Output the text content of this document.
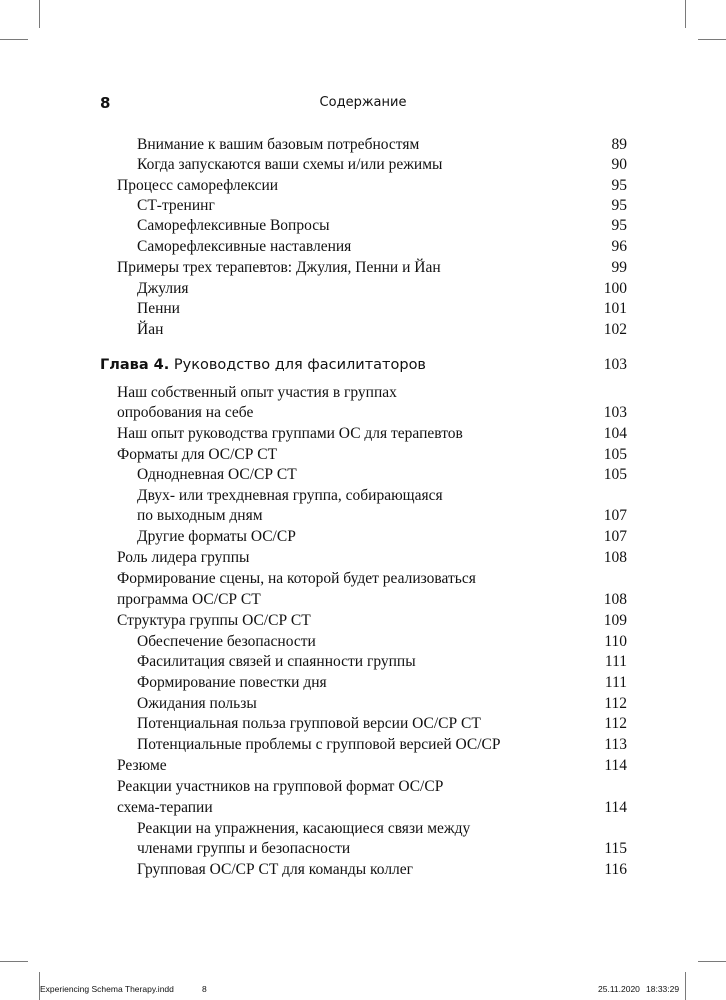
8	Содержание
Внимание к вашим базовым потребностям	89
Когда запускаются ваши схемы и/или режимы	90
Процесс саморефлексии	95
СТ-тренинг	95
Саморефлексивные Вопросы	95
Саморефлексивные наставления	96
Примеры трех терапевтов: Джулия, Пенни и Йан	99
Джулия	100
Пенни	101
Йан	102
Глава 4. Руководство для фасилитаторов	103
Наш собственный опыт участия в группах
опробования на себе	103
Наш опыт руководства группами ОС для терапевтов	104
Форматы для ОС/СР СТ	105
Однодневная ОС/СР СТ	105
Двух- или трехдневная группа, собирающаяся
по выходным дням	107
Другие форматы ОС/СР	107
Роль лидера группы	108
Формирование сцены, на которой будет реализоваться
программа ОС/СР СТ	108
Структура группы ОС/СР СТ	109
Обеспечение безопасности	110
Фасилитация связей и спаянности группы	111
Формирование повестки дня	111
Ожидания пользы	112
Потенциальная польза групповой версии ОС/СР СТ	112
Потенциальные проблемы с групповой версией ОС/СР	113
Резюме	114
Реакции участников на групповой формат ОС/СР
схема-терапии	114
Реакции на упражнения, касающиеся связи между
членами группы и безопасности	115
Групповая ОС/СР СТ для команды коллег	116
Experiencing Schema Therapy.indd	8	25.11.2020 18:33:29
